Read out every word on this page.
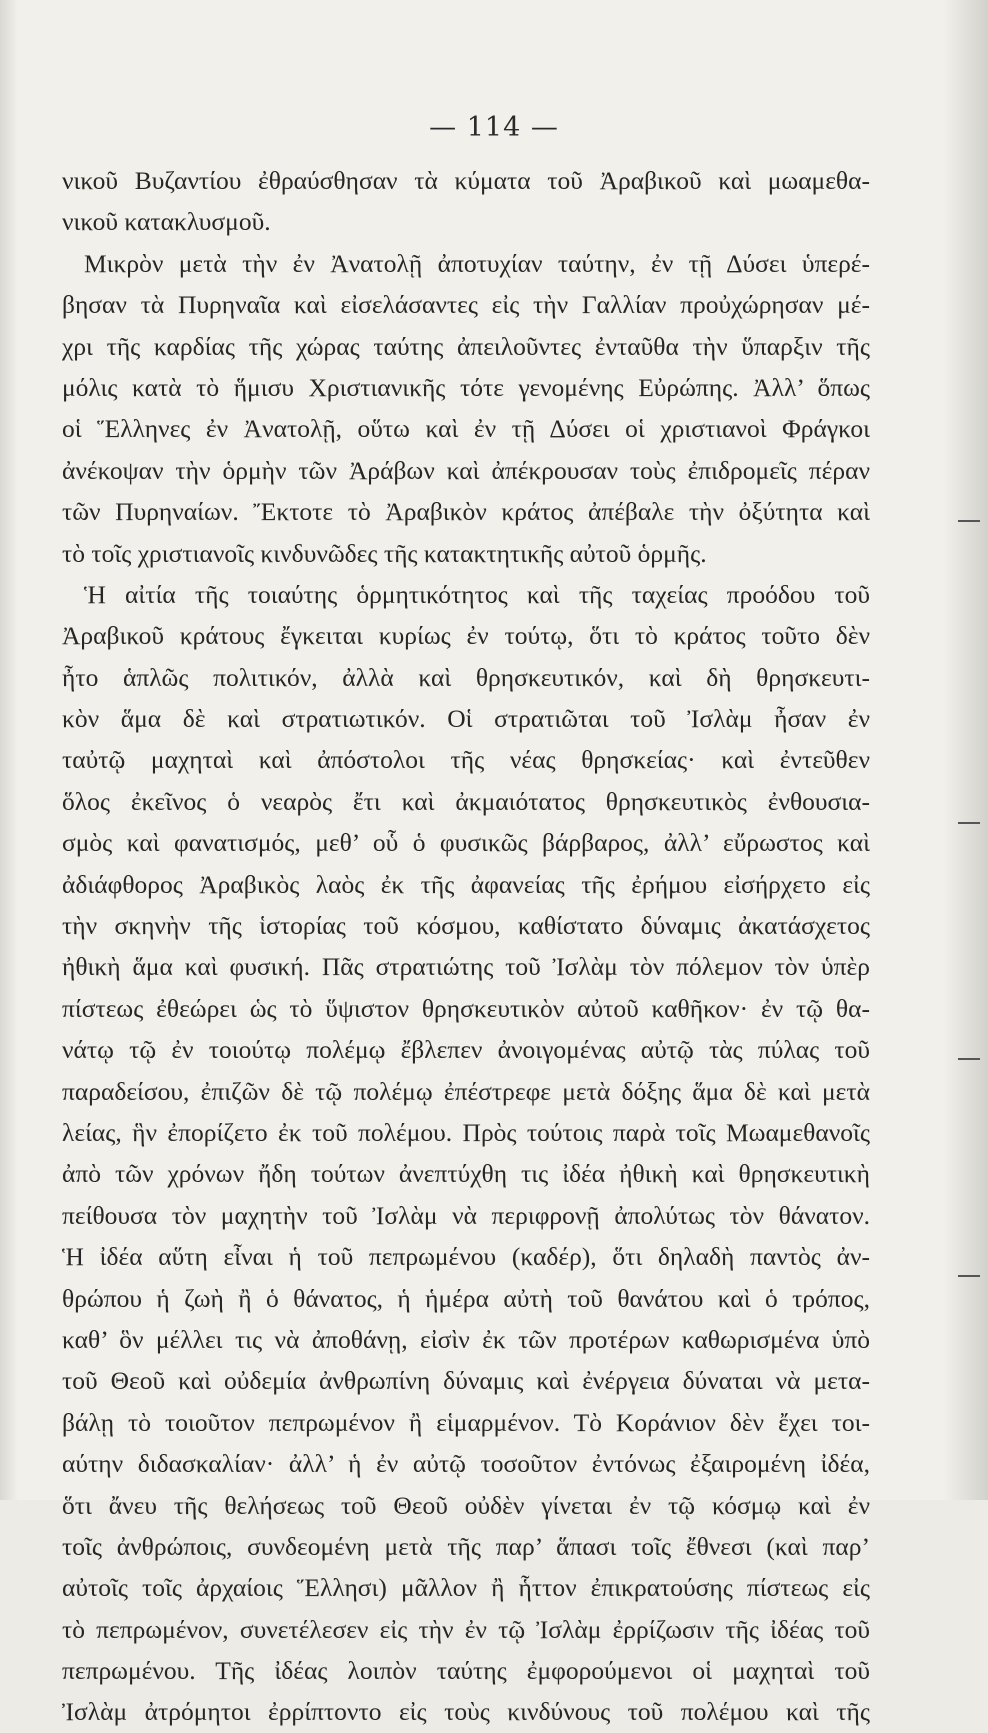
— 114 —
νικοῦ Βυζαντίου ἐθραύσθησαν τὰ κύματα τοῦ Ἀραβικοῦ καὶ μωαμεθα-
νικοῦ κατακλυσμοῦ.
Μικρὸν μετὰ τὴν ἐν Ἀνατολῇ ἀποτυχίαν ταύτην, ἐν τῇ Δύσει ὑπερέ-
βησαν τὰ Πυρηναῖα καὶ εἰσελάσαντες εἰς τὴν Γαλλίαν προὐχώρησαν μέ-
χρι τῆς καρδίας τῆς χώρας ταύτης ἀπειλοῦντες ἐνταῦθα τὴν ὕπαρξιν τῆς
μόλις κατὰ τὸ ἥμισυ Χριστιανικῆς τότε γενομένης Εὐρώπης. Ἀλλ’ ὅπως
οἱ Ἕλληνες ἐν Ἀνατολῇ, οὕτω καὶ ἐν τῇ Δύσει οἱ χριστιανοὶ Φράγκοι
ἀνέκοψαν τὴν ὁρμὴν τῶν Ἀράβων καὶ ἀπέκρουσαν τοὺς ἐπιδρομεῖς πέραν
τῶν Πυρηναίων. Ἔκτοτε τὸ Ἀραβικὸν κράτος ἀπέβαλε τὴν ὀξύτητα καὶ
τὸ τοῖς χριστιανοῖς κινδυνῶδες τῆς κατακτητικῆς αὐτοῦ ὁρμῆς.
Ἡ αἰτία τῆς τοιαύτης ὁρμητικότητος καὶ τῆς ταχείας προόδου τοῦ
Ἀραβικοῦ κράτους ἔγκειται κυρίως ἐν τούτῳ, ὅτι τὸ κράτος τοῦτο δὲν
ἦτο ἁπλῶς πολιτικόν, ἀλλὰ καὶ θρησκευτικόν, καὶ δὴ θρησκευτι-
κὸν ἅμα δὲ καὶ στρατιωτικόν. Οἱ στρατιῶται τοῦ Ἰσλὰμ ἦσαν ἐν
ταὐτῷ μαχηταὶ καὶ ἀπόστολοι τῆς νέας θρησκείας· καὶ ἐντεῦθεν
ὅλος ἐκεῖνος ὁ νεαρὸς ἔτι καὶ ἀκμαιότατος θρησκευτικὸς ἐνθουσια-
σμὸς καὶ φανατισμός, μεθ’ οὗ ὁ φυσικῶς βάρβαρος, ἀλλ’ εὔρωστος καὶ
ἀδιάφθορος Ἀραβικὸς λαὸς ἐκ τῆς ἀφανείας τῆς ἐρήμου εἰσήρχετο εἰς
τὴν σκηνὴν τῆς ἱστορίας τοῦ κόσμου, καθίστατο δύναμις ἀκατάσχετος
ἠθικὴ ἅμα καὶ φυσική. Πᾶς στρατιώτης τοῦ Ἰσλὰμ τὸν πόλεμον τὸν ὑπὲρ
πίστεως ἐθεώρει ὡς τὸ ὕψιστον θρησκευτικὸν αὐτοῦ καθῆκον· ἐν τῷ θα-
νάτῳ τῷ ἐν τοιούτῳ πολέμῳ ἔβλεπεν ἀνοιγομένας αὐτῷ τὰς πύλας τοῦ
παραδείσου, ἐπιζῶν δὲ τῷ πολέμῳ ἐπέστρεφε μετὰ δόξης ἅμα δὲ καὶ μετὰ
λείας, ἣν ἐπορίζετο ἐκ τοῦ πολέμου. Πρὸς τούτοις παρὰ τοῖς Μωαμεθανοῖς
ἀπὸ τῶν χρόνων ἤδη τούτων ἀνεπτύχθη τις ἰδέα ἠθικὴ καὶ θρησκευτικὴ
πείθουσα τὸν μαχητὴν τοῦ Ἰσλὰμ νὰ περιφρονῇ ἀπολύτως τὸν θάνατον.
Ἡ ἰδέα αὕτη εἶναι ἡ τοῦ πεπρωμένου (καδέρ), ὅτι δηλαδὴ παντὸς ἀν-
θρώπου ἡ ζωὴ ἢ ὁ θάνατος, ἡ ἡμέρα αὐτὴ τοῦ θανάτου καὶ ὁ τρόπος,
καθ’ ὃν μέλλει τις νὰ ἀποθάνῃ, εἰσὶν ἐκ τῶν προτέρων καθωρισμένα ὑπὸ
τοῦ Θεοῦ καὶ οὐδεμία ἀνθρωπίνη δύναμις καὶ ἐνέργεια δύναται νὰ μετα-
βάλῃ τὸ τοιοῦτον πεπρωμένον ἢ εἱμαρμένον. Τὸ Κοράνιον δὲν ἔχει τοι-
αύτην διδασκαλίαν· ἀλλ’ ἡ ἐν αὐτῷ τοσοῦτον ἐντόνως ἐξαιρομένη ἰδέα,
ὅτι ἄνευ τῆς θελήσεως τοῦ Θεοῦ οὐδὲν γίνεται ἐν τῷ κόσμῳ καὶ ἐν
τοῖς ἀνθρώποις, συνδεομένη μετὰ τῆς παρ’ ἅπασι τοῖς ἔθνεσι (καὶ παρ’
αὐτοῖς τοῖς ἀρχαίοις Ἕλλησι) μᾶλλον ἢ ἧττον ἐπικρατούσης πίστεως εἰς
τὸ πεπρωμένον, συνετέλεσεν εἰς τὴν ἐν τῷ Ἰσλὰμ ἐρρίζωσιν τῆς ἰδέας τοῦ
πεπρωμένου. Τῆς ἰδέας λοιπὸν ταύτης ἐμφορούμενοι οἱ μαχηταὶ τοῦ
Ἰσλὰμ ἀτρόμητοι ἐρρίπτοντο εἰς τοὺς κινδύνους τοῦ πολέμου καὶ τῆς
